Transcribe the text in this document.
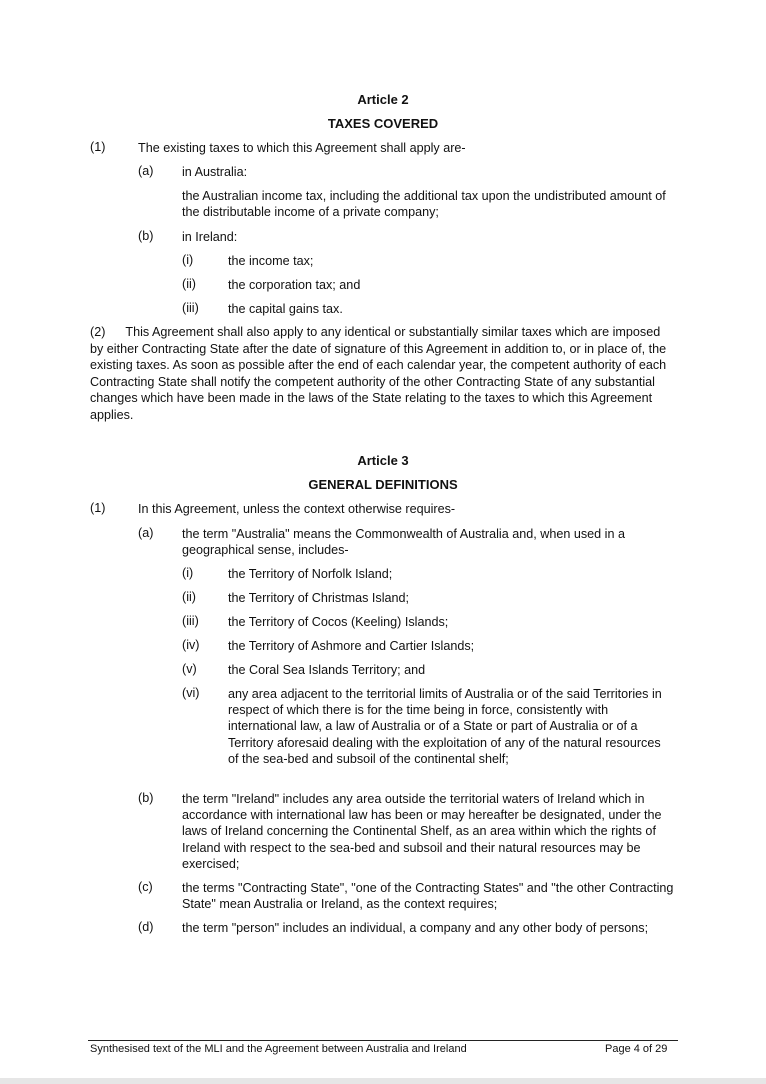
Article 2
TAXES COVERED
(1)	The existing taxes to which this Agreement shall apply are-
(a) in Australia:
the Australian income tax, including the additional tax upon the undistributed amount of the distributable income of a private company;
(b) in Ireland:
(i)	the income tax;
(ii)	the corporation tax; and
(iii) the capital gains tax.
(2) This Agreement shall also apply to any identical or substantially similar taxes which are imposed by either Contracting State after the date of signature of this Agreement in addition to, or in place of, the existing taxes. As soon as possible after the end of each calendar year, the competent authority of each Contracting State shall notify the competent authority of the other Contracting State of any substantial changes which have been made in the laws of the State relating to the taxes to which this Agreement applies.
Article 3
GENERAL DEFINITIONS
(1)	In this Agreement, unless the context otherwise requires-
(a) the term "Australia" means the Commonwealth of Australia and, when used in a geographical sense, includes-
(i)	the Territory of Norfolk Island;
(ii)	the Territory of Christmas Island;
(iii) the Territory of Cocos (Keeling) Islands;
(iv) the Territory of Ashmore and Cartier Islands;
(v) the Coral Sea Islands Territory; and
(vi) any area adjacent to the territorial limits of Australia or of the said Territories in respect of which there is for the time being in force, consistently with international law, a law of Australia or of a State or part of Australia or of a Territory aforesaid dealing with the exploitation of any of the natural resources of the sea-bed and subsoil of the continental shelf;
(b) the term "Ireland" includes any area outside the territorial waters of Ireland which in accordance with international law has been or may hereafter be designated, under the laws of Ireland concerning the Continental Shelf, as an area within which the rights of Ireland with respect to the sea-bed and subsoil and their natural resources may be exercised;
(c) the terms "Contracting State", "one of the Contracting States" and "the other Contracting State" mean Australia or Ireland, as the context requires;
(d) the term "person" includes an individual, a company and any other body of persons;
Synthesised text of the MLI and the Agreement between Australia and Ireland	Page 4 of 29
